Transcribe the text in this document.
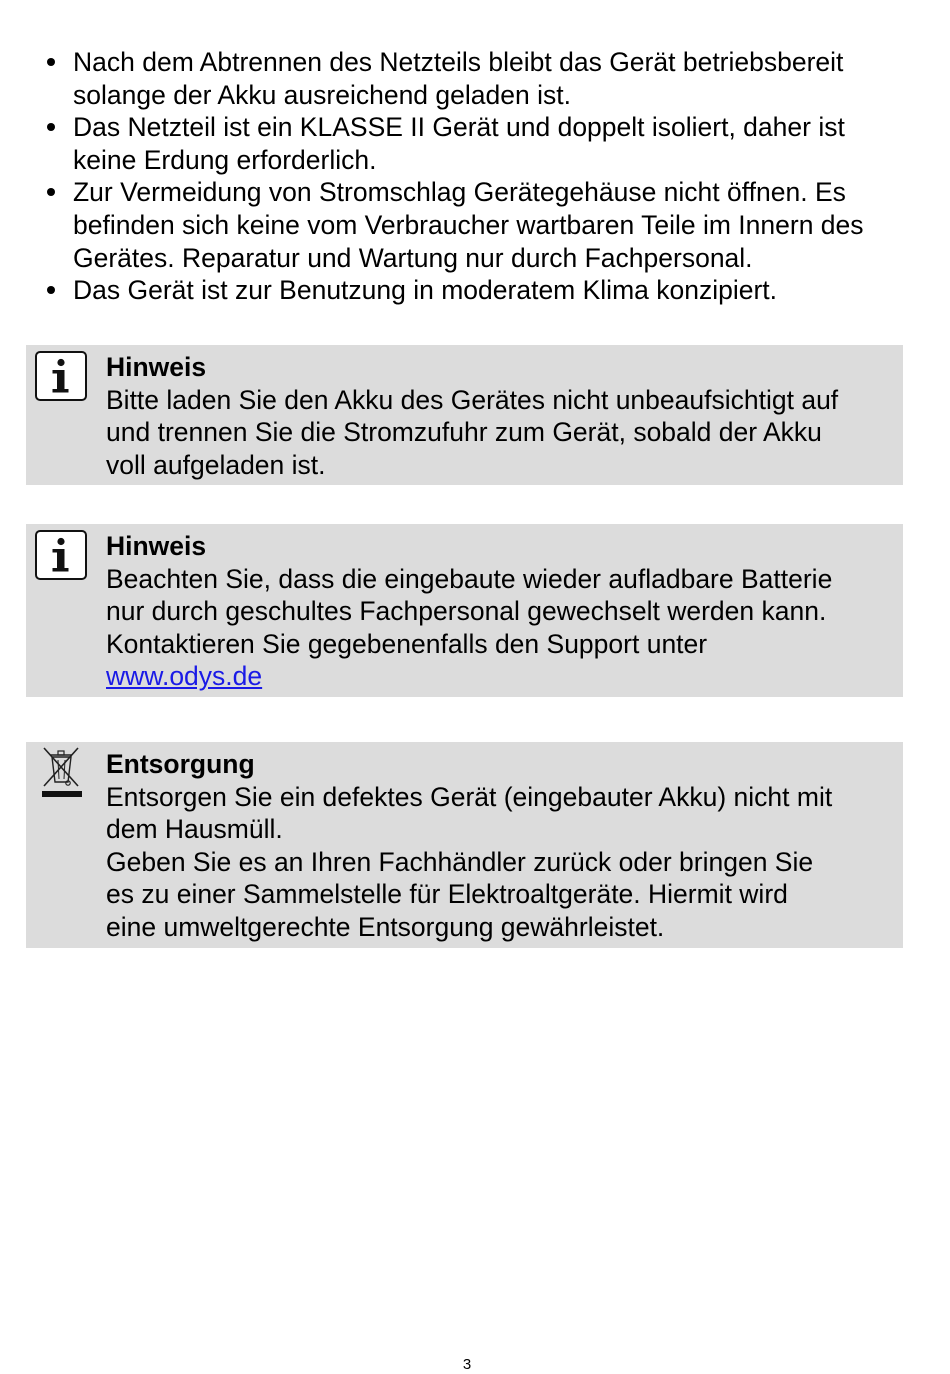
Nach dem Abtrennen des Netzteils bleibt das Gerät betriebsbereit solange der Akku ausreichend geladen ist.
Das Netzteil ist ein KLASSE II Gerät und doppelt isoliert, daher ist keine Erdung erforderlich.
Zur Vermeidung von Stromschlag Gerätegehäuse nicht öffnen. Es befinden sich keine vom Verbraucher wartbaren Teile im Innern des Gerätes. Reparatur und Wartung nur durch Fachpersonal.
Das Gerät ist zur Benutzung in moderatem Klima konzipiert.
Hinweis
Bitte laden Sie den Akku des Gerätes nicht unbeaufsichtigt auf
und trennen Sie die Stromzufuhr zum Gerät, sobald der Akku
voll aufgeladen ist.
Hinweis
Beachten Sie, dass die eingebaute wieder aufladbare Batterie
nur durch geschultes Fachpersonal gewechselt werden kann.
Kontaktieren Sie gegebenenfalls den Support unter
www.odys.de
Entsorgung
Entsorgen Sie ein defektes Gerät (eingebauter Akku) nicht mit
dem Hausmüll.
Geben Sie es an Ihren Fachhändler zurück oder bringen Sie
es zu einer Sammelstelle für Elektroaltgeräte. Hiermit wird
eine umweltgerechte Entsorgung gewährleistet.
3
